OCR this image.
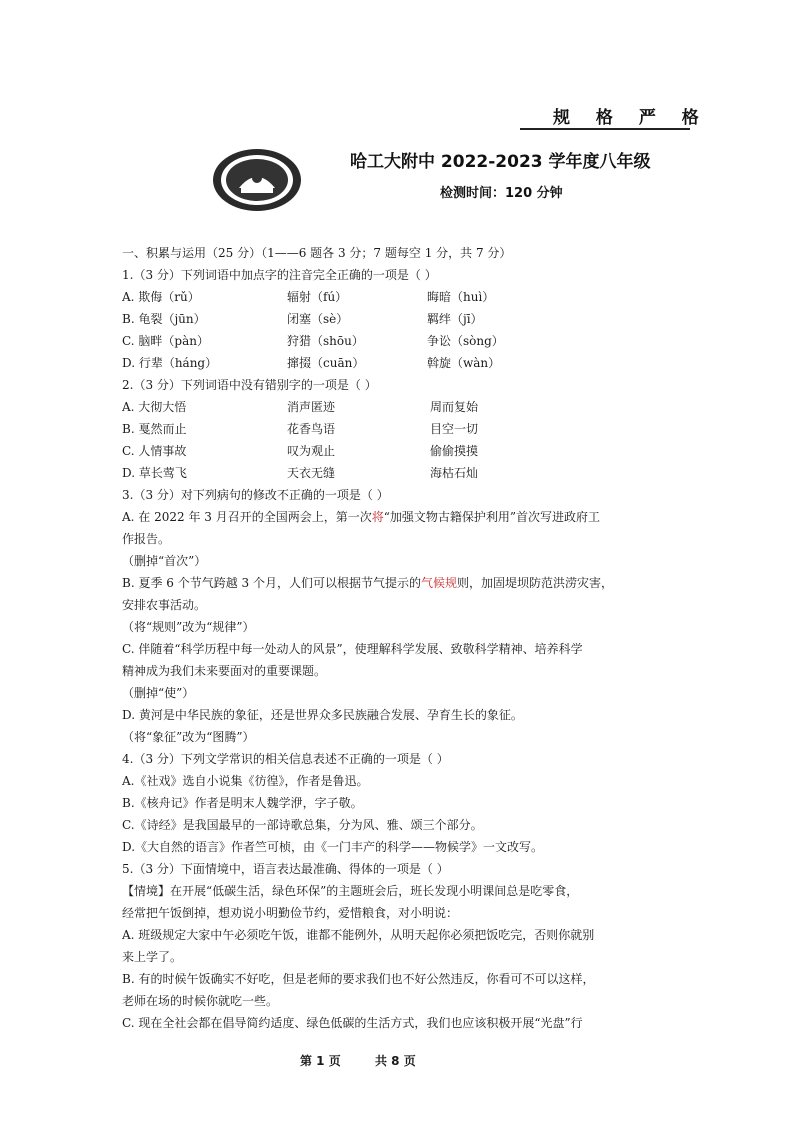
规 格 严 格
哈工大附中 2022-2023 学年度八年级
检测时间：120 分钟
一、积累与运用（25 分）（1——6 题各 3 分；7 题每空 1 分，共 7 分）
1.（3 分）下列词语中加点字的注音完全正确的一项是（ ）
A. 欺侮（rǔ）	辐射（fú）	晦暗（huì）
B. 龟裂（jūn）	闭塞（sè）	羁绊（jī）
C. 脑畔（pàn）	狩猎（shōu）	争讼（sòng）
D. 行辈（háng）	撺掇（cuān）	斡旋（wàn）
2.（3 分）下列词语中没有错别字的一项是（ ）
A. 大彻大悟	消声匿迹	周而复始
B. 戛然而止	花香鸟语	目空一切
C. 人情事故	叹为观止	偷偷摸摸
D. 草长莺飞	天衣无缝	海枯石灿
3.（3 分）对下列病句的修改不正确的一项是（ ）
A. 在 2022 年 3 月召开的全国两会上，第一次将“加强文物古籍保护利用”首次写进政府工
作报告。
（删掉“首次”）
B. 夏季 6 个节气跨越 3 个月，人们可以根据节气提示的气候规则，加固堤坝防范洪涝灾害，
安排农事活动。
（将“规则”改为“规律”）
C. 伴随着“科学历程中每一处动人的风景”，使理解科学发展、致敬科学精神、培养科学
精神成为我们未来要面对的重要课题。
（删掉“使”）
D. 黄河是中华民族的象征，还是世界众多民族融合发展、孕育生长的象征。
（将“象征”改为“图腾”）
4.（3 分）下列文学常识的相关信息表述不正确的一项是（ ）
A.《社戏》选自小说集《彷徨》，作者是鲁迅。
B.《核舟记》作者是明末人魏学洢，字子敬。
C.《诗经》是我国最早的一部诗歌总集，分为风、雅、颂三个部分。
D.《大自然的语言》作者竺可桢，由《一门丰产的科学——物候学》一文改写。
5.（3 分）下面情境中，语言表达最准确、得体的一项是（ ）
【情境】在开展“低碳生活，绿色环保”的主题班会后，班长发现小明课间总是吃零食，
经常把午饭倒掉，想劝说小明勤俭节约，爱惜粮食，对小明说：
A. 班级规定大家中午必须吃午饭，谁都不能例外，从明天起你必须把饭吃完，否则你就别
来上学了。
B. 有的时候午饭确实不好吃，但是老师的要求我们也不好公然违反，你看可不可以这样，
老师在场的时候你就吃一些。
C. 现在全社会都在倡导简约适度、绿色低碳的生活方式，我们也应该积极开展“光盘”行
第 1 页	共 8 页
